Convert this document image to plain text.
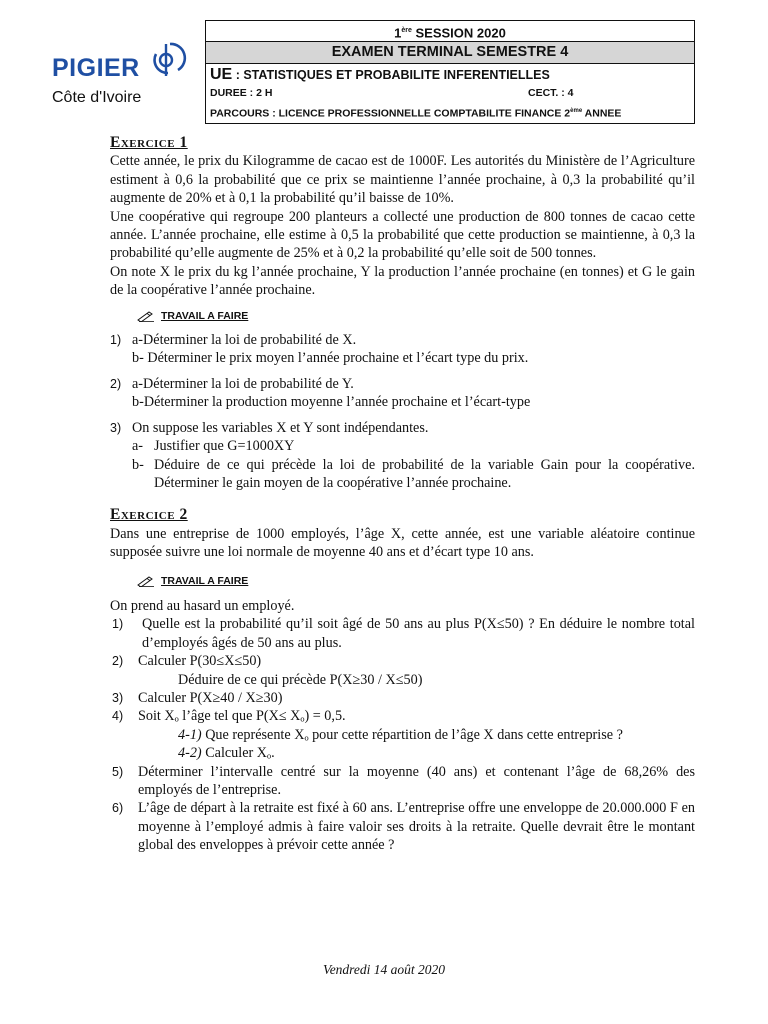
PIGIER
Côte d'Ivoire
1ère SESSION 2020
EXAMEN TERMINAL SEMESTRE 4
UE : STATISTIQUES ET PROBABILITE INFERENTIELLES
DUREE : 2 H	CECT. : 4
PARCOURS : LICENCE PROFESSIONNELLE COMPTABILITE FINANCE 2ème ANNEE
Exercice 1

Cette année, le prix du Kilogramme de cacao est de 1000F. Les autorités du Ministère de l’Agriculture estiment à 0,6 la probabilité que ce prix se maintienne l’année prochaine, à 0,3 la probabilité qu’il augmente de 20% et à 0,1 la probabilité qu’il baisse de 10%.

Une coopérative qui regroupe 200 planteurs a collecté une production de 800 tonnes de cacao cette année. L’année prochaine, elle estime à 0,5 la probabilité que cette production se maintienne, à 0,3 la probabilité qu’elle augmente de 25% et à 0,2 la probabilité qu’elle soit de 500 tonnes.

On note X le prix du kg l’année prochaine, Y la production l’année prochaine (en tonnes) et G le gain de la coopérative l’année prochaine.

TRAVAIL A FAIRE
1) a-Déterminer la loi de probabilité de X.
b- Déterminer le prix moyen l’année prochaine et l’écart type du prix.
2) a-Déterminer la loi de probabilité de Y.
b-Déterminer la production moyenne l’année prochaine et l’écart-type
3) On suppose les variables X et Y sont indépendantes.
a- Justifier que G=1000XY
b- Déduire de ce qui précède la loi de probabilité de la variable Gain pour la coopérative. Déterminer le gain moyen de la coopérative l’année prochaine.
Exercice 2

Dans une entreprise de 1000 employés, l’âge X, cette année, est une variable aléatoire continue supposée suivre une loi normale de moyenne 40 ans et d’écart type 10 ans.

TRAVAIL A FAIRE

On prend au hasard un employé.

1)	Quelle est la probabilité qu’il soit âgé de 50 ans au plus P(X≤50) ? En déduire le nombre total d’employés âgés de 50 ans au plus.
2)	Calculer P(30≤X≤50)
Déduire de ce qui précède P(X≥30 / X≤50)
3)	Calculer P(X≥40 / X≥30)
4)	Soit Xₒ l’âge tel que P(X≤ Xₒ) = 0,5.
4-1) Que représente Xₒ pour cette répartition de l’âge X dans cette entreprise ?
4-2) Calculer Xₒ.
5)	Déterminer l’intervalle centré sur la moyenne (40 ans) et contenant l’âge de 68,26% des employés de l’entreprise.
6)	L’âge de départ à la retraite est fixé à 60 ans. L’entreprise offre une enveloppe de 20.000.000 F en moyenne à l’employé admis à faire valoir ses droits à la retraite. Quelle devrait être le montant global des enveloppes à prévoir cette année ?
Vendredi 14 août 2020
